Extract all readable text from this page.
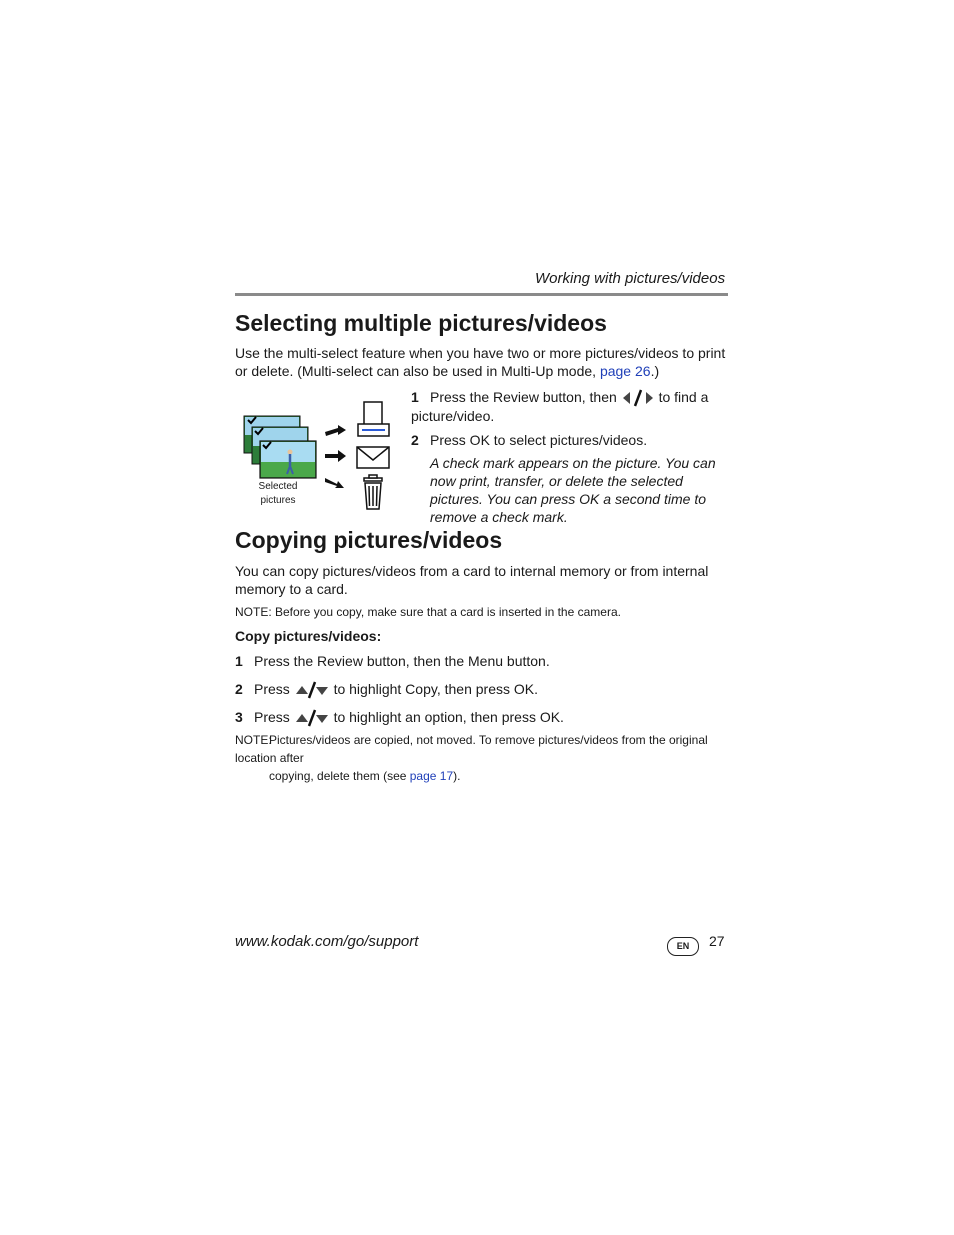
Working with pictures/videos
Selecting multiple pictures/videos
Use the multi-select feature when you have two or more pictures/videos to print or delete. (Multi-select can also be used in Multi-Up mode, page 26.)
Selected pictures
1 Press the Review button, then	to find a picture/video.
2 Press OK to select pictures/videos.
A check mark appears on the picture. You can now print, transfer, or delete the selected pictures. You can press OK a second time to remove a check mark.
Copying pictures/videos
You can copy pictures/videos from a card to internal memory or from internal memory to a card.
NOTE: Before you copy, make sure that a card is inserted in the camera.
Copy pictures/videos:
1 Press the Review button, then the Menu button.
2 Press	to highlight Copy, then press OK.
3 Press	to highlight an option, then press OK.
NOTE:Pictures/videos are copied, not moved. To remove pictures/videos from the original location after
copying, delete them (see page 17).
www.kodak.com/go/support	EN	27
